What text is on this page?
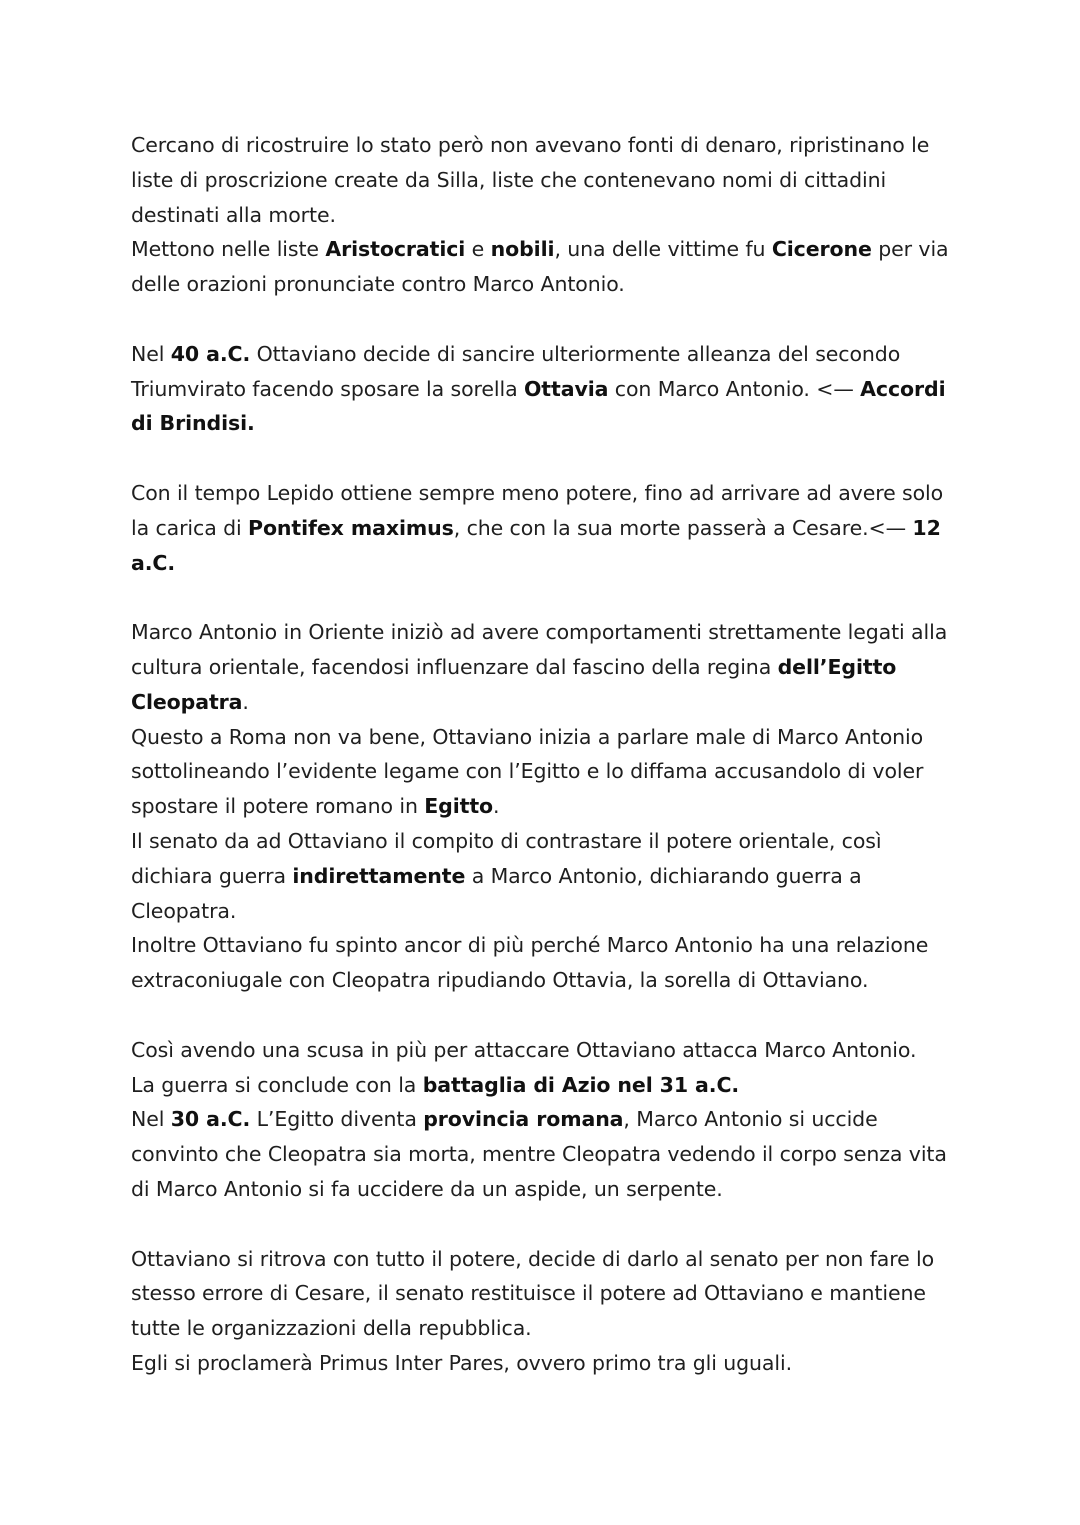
Cercano di ricostruire lo stato però non avevano fonti di denaro, ripristinano le liste di proscrizione create da Silla, liste che contenevano nomi di cittadini destinati alla morte.

Mettono nelle liste Aristocratici e nobili, una delle vittime fu Cicerone per via delle orazioni pronunciate contro Marco Antonio.

Nel 40 a.C. Ottaviano decide di sancire ulteriormente alleanza del secondo Triumvirato facendo sposare la sorella Ottavia con Marco Antonio. <— Accordi di Brindisi.

Con il tempo Lepido ottiene sempre meno potere, fino ad arrivare ad avere solo la carica di Pontifex maximus, che con la sua morte passerà a Cesare.<— 12 a.C.

Marco Antonio in Oriente iniziò ad avere comportamenti strettamente legati alla cultura orientale, facendosi influenzare dal fascino della regina dell’Egitto Cleopatra.

Questo a Roma non va bene, Ottaviano inizia a parlare male di Marco Antonio sottolineando l’evidente legame con l’Egitto e lo diffama accusandolo di voler spostare il potere romano in Egitto.

Il senato da ad Ottaviano il compito di contrastare il potere orientale, così dichiara guerra indirettamente a Marco Antonio, dichiarando guerra a Cleopatra.

Inoltre Ottaviano fu spinto ancor di più perché Marco Antonio ha una relazione extraconiugale con Cleopatra ripudiando Ottavia, la sorella di Ottaviano.

Così avendo una scusa in più per attaccare Ottaviano attacca Marco Antonio.

La guerra si conclude con la battaglia di Azio nel 31 a.C.

Nel 30 a.C. L’Egitto diventa provincia romana, Marco Antonio si uccide convinto che Cleopatra sia morta, mentre Cleopatra vedendo il corpo senza vita di Marco Antonio si fa uccidere da un aspide, un serpente.

Ottaviano si ritrova con tutto il potere, decide di darlo al senato per non fare lo stesso errore di Cesare, il senato restituisce il potere ad Ottaviano e mantiene tutte le organizzazioni della repubblica.

Egli si proclamerà Primus Inter Pares, ovvero primo tra gli uguali.
